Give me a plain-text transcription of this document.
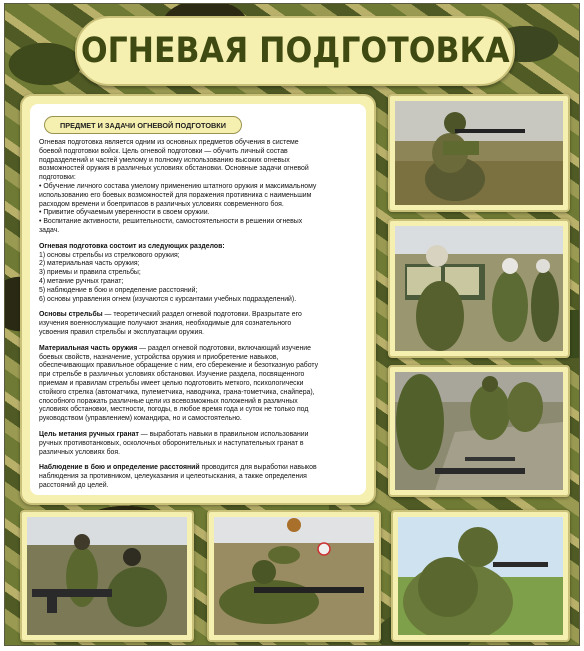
ОГНЕВАЯ ПОДГОТОВКА
ПРЕДМЕТ И ЗАДАЧИ ОГНЕВОЙ ПОДГОТОВКИ

Огневая подготовка является одним из основных предметов обучения в системе
боевой подготовки войск. Цель огневой подготовки — обучить личный состав
подразделений и частей умелому и полному использованию высоких огневых
возможностей оружия в различных условиях обстановки. Основные задачи огневой
подготовки:
• Обучение личного состава умелому применению штатного оружия и максимальному
использованию его боевых возможностей для поражения противника с наименьшим
расходом времени и боеприпасов в различных условиях современного боя.
• Привитие обучаемым уверенности в своем оружии.
• Воспитание активности, решительности, самостоятельности в решении огневых
задач.

Огневая подготовка состоит из следующих разделов:
1) основы стрельбы из стрелкового оружия;
2) материальная часть оружия;
3) приемы и правила стрельбы;
4) метание ручных гранат;
5) наблюдение в бою и определение расстояний;
6) основы управления огнем (изучаются с курсантами учебных подразделений).

Основы стрельбы — теоретический раздел огневой подготовки. Вразрытате его
изучения военнослужащие получают знания, необходимые для сознательного
усвоения правил стрельбы и эксплуатации оружия.

Материальная часть оружия — раздел огневой подготовки, включающий изучение
боевых свойств, назначение, устройства оружия и приобретение навыков,
обеспечивающих правильное обращение с ним, его сбережение и безотказную работу
при стрельбе в различных условиях обстановки. Изучение раздела, посвященного
приемам и правилам стрельбы имеет целью подготовить меткого, психологически
стойкого стрелка (автоматчика, пулеметчика, наводчика, грана-тометчика, снайпера),
способного поражать различные цели из всевозможных положений в различных
условиях обстановки, местности, погоды, в любое время года и суток не только под
руководством (управлением) командира, но и самостоятельно.

Цель метания ручных гранат — выработать навыки в правильном использовании
ручных противотанковых, осколочных оборонительных и наступательных гранат в
различных условиях боя.

Наблюдение в бою и определение расстояний проводится для выработки навыков
наблюдения за противником, целеуказания и целеотыскания, а также определения
расстояний до целей.
